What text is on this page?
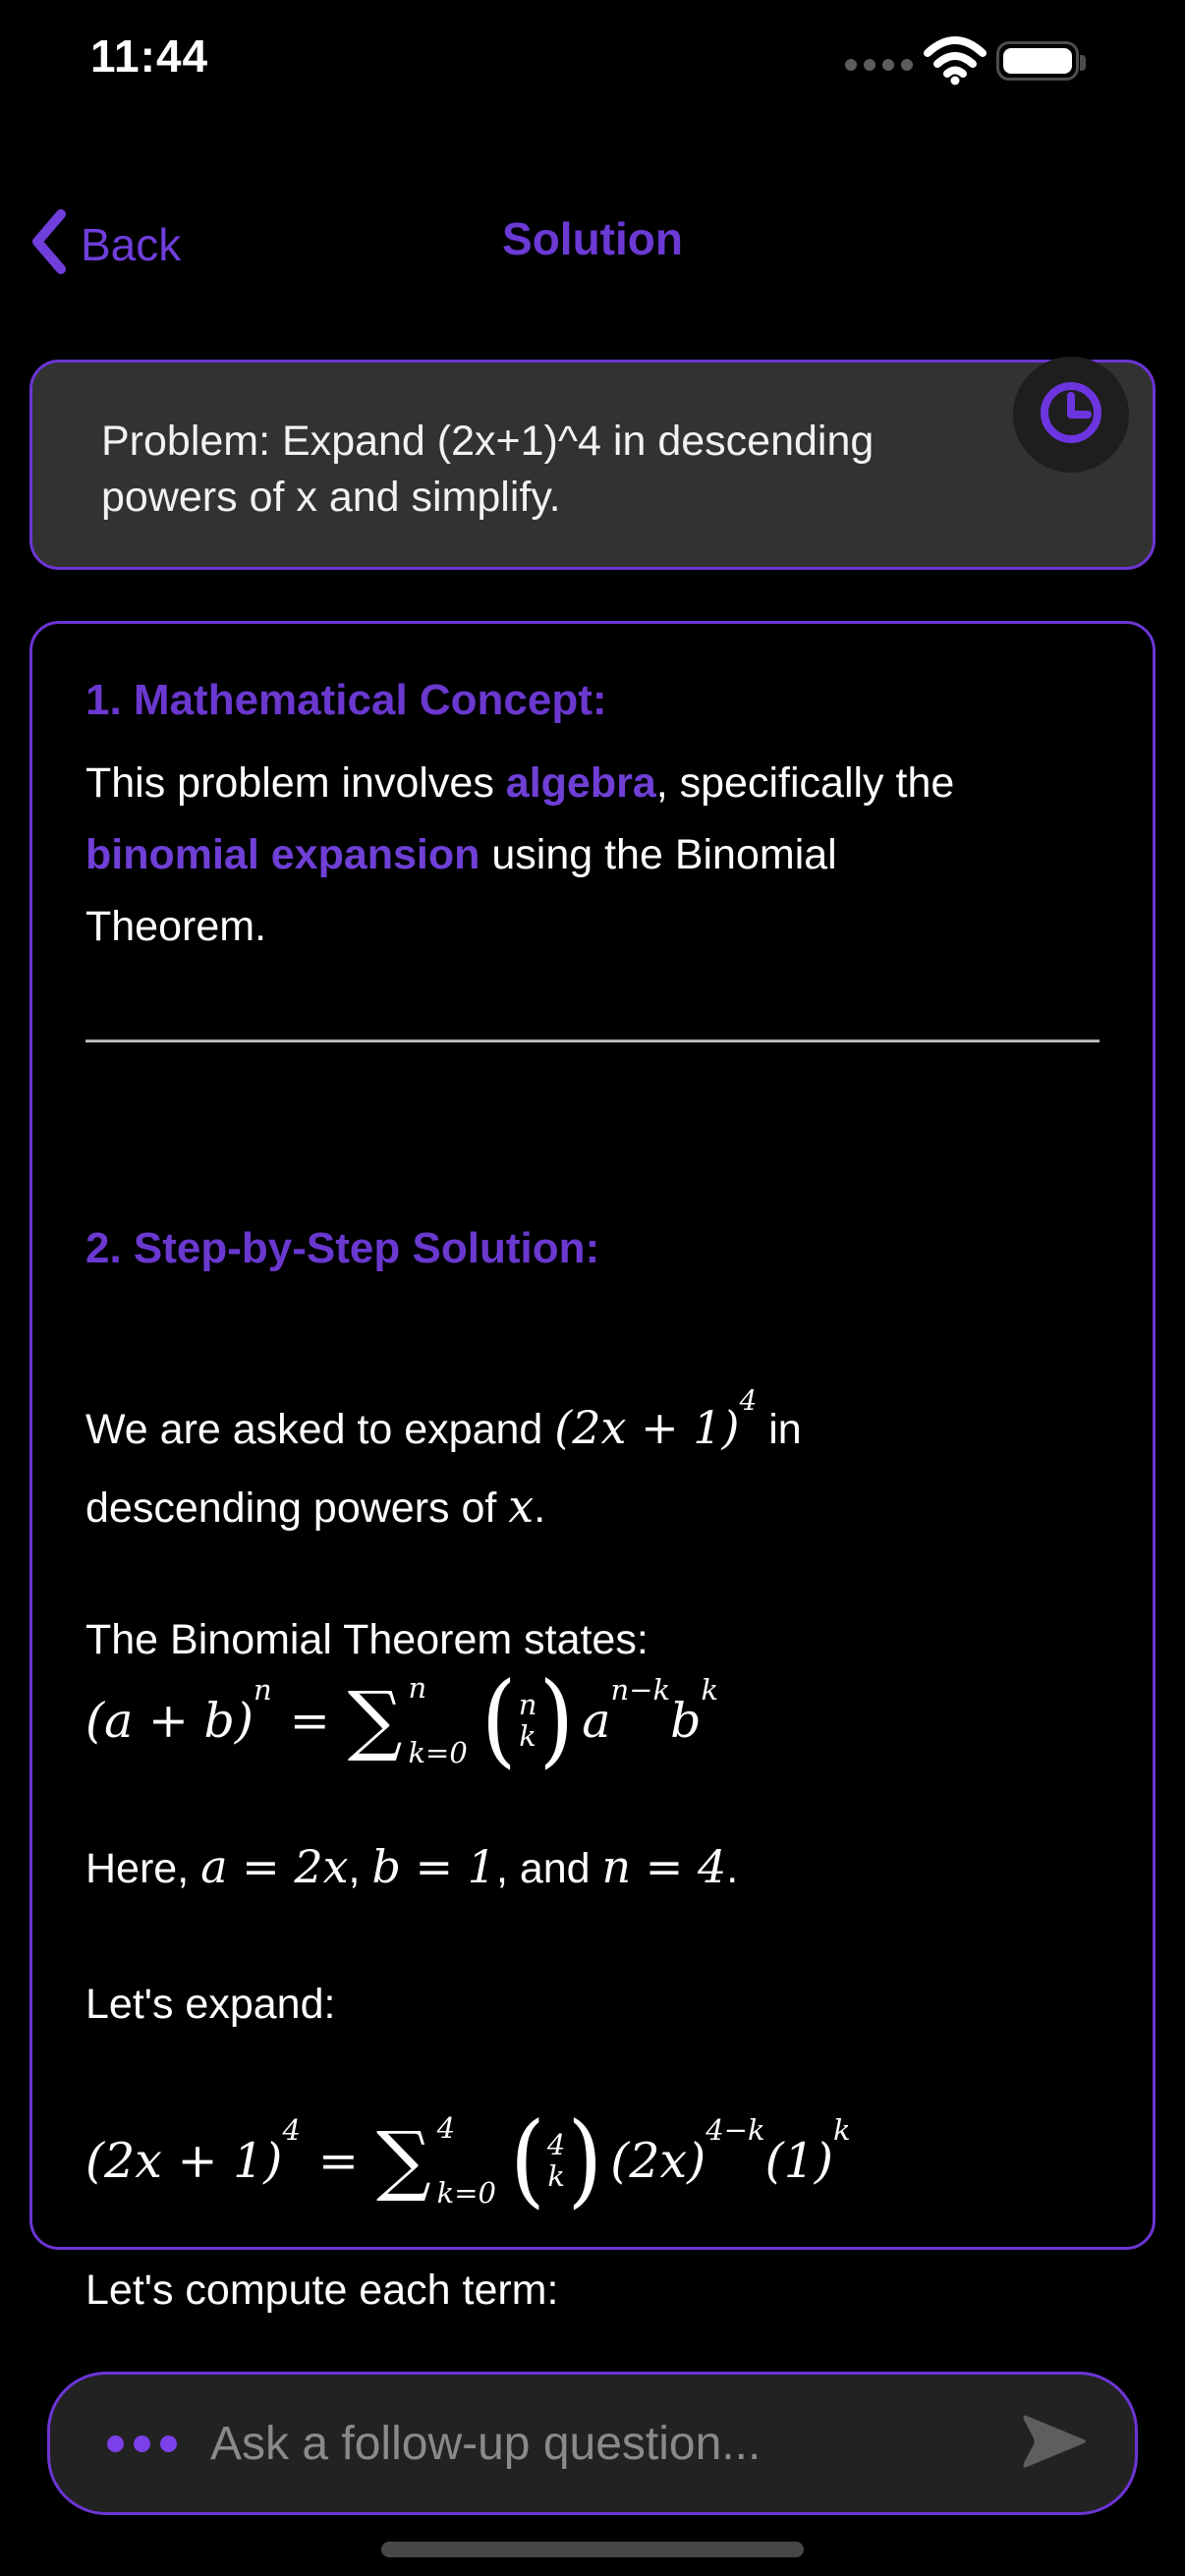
11:44
Back	Solution
Problem: Expand (2x+1)^4 in descending
powers of x and simplify.
1. Mathematical Concept:

This problem involves algebra, specifically the
binomial expansion using the Binomial
Theorem.

2. Step-by-Step Solution:

We are asked to expand $(2x + 1)^4$ in
descending powers of x.

The Binomial Theorem states:

(a + b)
n
= ∑ n
k=0 ( n
k ) a
n−k
b
k

Here, a = 2x, b = 1, and n = 4.

Let's expand:

(2x + 1)
4
= ∑ 4
k=0 ( 4
k ) (2x)
4−k
(1)
k

Let's compute each term:

Ask a follow-up question...
